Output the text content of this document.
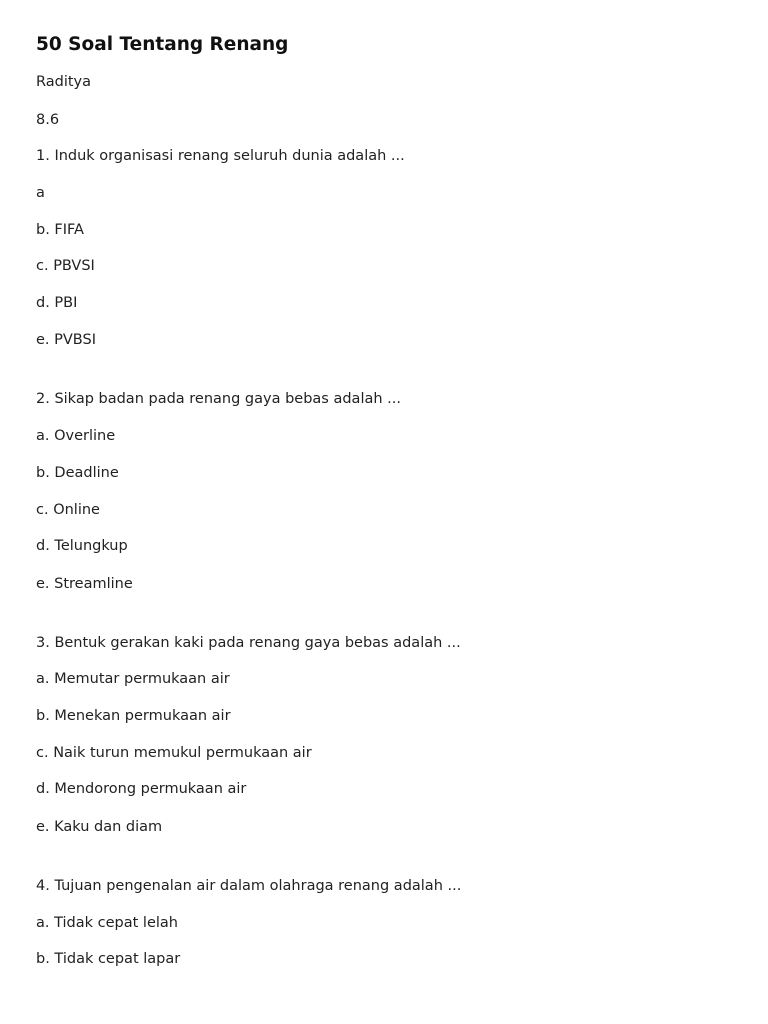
50 Soal Tentang Renang
Raditya
8.6
1. Induk organisasi renang seluruh dunia adalah ...
a
b. FIFA
c. PBVSI
d. PBI
e. PVBSI
2. Sikap badan pada renang gaya bebas adalah ...
a. Overline
b. Deadline
c. Online
d. Telungkup
e. Streamline
3. Bentuk gerakan kaki pada renang gaya bebas adalah ...
a. Memutar permukaan air
b. Menekan permukaan air
c. Naik turun memukul permukaan air
d. Mendorong permukaan air
e. Kaku dan diam
4. Tujuan pengenalan air dalam olahraga renang adalah ...
a. Tidak cepat lelah
b. Tidak cepat lapar
